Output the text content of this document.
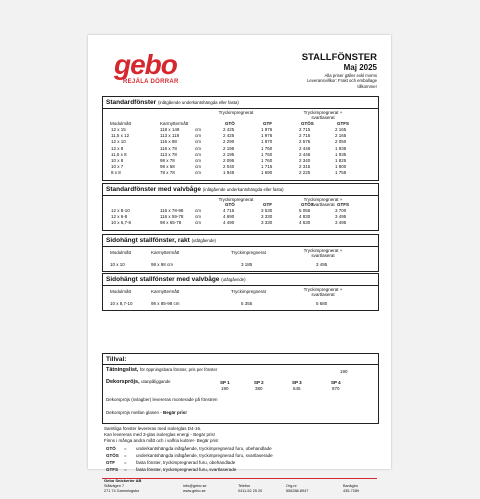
gebo
REJÄLA DÖRRAR
STALLFÖNSTER
Maj 2025
Alla priser gäller exkl moms Leveransvillkor: Frakt och emballage tillkommer
Standardfönster (inåtgående underkantshängda eller fasta)
Tryckimpregnerat	Tryckimpregnerat + svartlaserat
Modulmått	Karmyttermått	GTÖ	GTF	GTÖS	GTFS
12 x 15	118 x 148	cm	2 425	1 976	2 715	2 165
11,5 x 12	113 x 118	cm	2 425	1 976	2 715	2 165
12 x 10	116 x 98	cm	2 290	1 870	2 576	2 050
12 x 8	116 x 78	cm	2 195	1 760	2 446	1 935
11,5 x 8	113 x 78	cm	2 195	1 760	2 446	1 935
10 x 8	98 x 78	cm	2 095	1 760	2 340	1 825
10 x 7	98 x 68	cm	2 040	1 715	2 315	1 800
8 x 8	78 x 78	cm	1 945	1 690	2 225	1 755
Standardfönster med valvbåge (inåtgående underkantshängda eller fasta)
Tryckimpregnerat	Tryckimpregnerat + svartlaserat
GTÖ	GTF	GTÖS	GTFS
12 x 8-10	116 x 78-98	cm	4 715	3 530	5 055	3 700
12 x 6-8	116 x 59-78	cm	4 690	3 330	4 830	3 495
10 x 6,7-8	98 x 65-78	cm	4 490	3 330	4 630	3 495
Sidohängt stallfönster, rakt (utåtgående)
Modulmått	Karmyttermått	Tryckimpregnerat	Tryckimpregnerat + svartlaserat
10 x 10	98 x 98 cm	3 185	3 495
Sidohängt stallfönster med valvbåge (utåtgående)
Modulmått	Karmyttermått	Tryckimpregnerat	Tryckimpregnerat + svartlaserat
10 x 8,7-10	98 x 85-98 cm	5 355	5 680
Tillval:
Tätningslist, för öppningsbara fönster, pris per fönster	190
Dekorspröjs, utanpåliggande	SP 1	SP 2	SP 3	SP 4
190	380	645	870
Dekorspröjs (svlagber) levereras monterade på fönstren
Dekorspröjs mellan glasen - Begär pris!
Samtliga fönster levereras med isolerglas D4-16.
Kan levereras med 3-glas isolerglas energi - Begär pris!
Finns i många andra mått och i valfria kulörer- Begär pris!
GTÖ = underkantshängda inåtgående, tryckimpregnerad furu, obehandlade
GTÖS = underkantshängda inåtgående, tryckimpregnerad furu, svartlaserade
GTF = fasta fönster, tryckimpregnerad furu, obehandlade
GTFS = fasta fönster, tryckimpregnerad furu, svartlaserade
Gebo Snickerier AB
Stålvägen 7
271 74 Gammingsbo
info@gebo.se
www.gebo.se
Telefon
0411-52 25 20
Org.nr
556288-8947
Bankgiro
435-7289
